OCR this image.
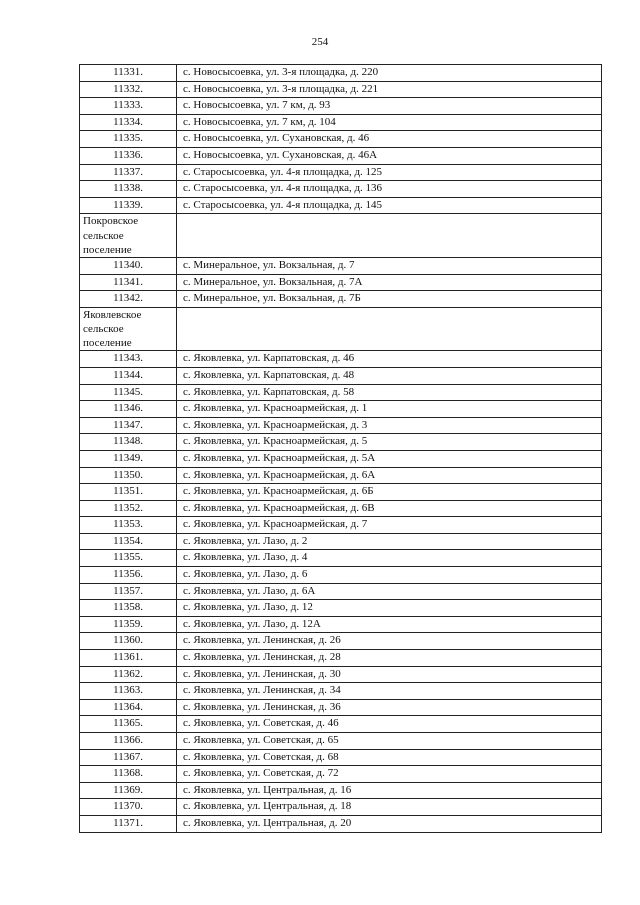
254
11331.	с. Новосысоевка, ул. 3-я площадка, д. 220
11332.	с. Новосысоевка, ул. 3-я площадка, д. 221
11333.	с. Новосысоевка, ул. 7 км, д. 93
11334.	с. Новосысоевка, ул. 7 км, д. 104
11335.	с. Новосысоевка, ул. Сухановская, д. 46
11336.	с. Новосысоевка, ул. Сухановская, д. 46А
11337.	с. Старосысоевка, ул. 4-я площадка, д. 125
11338.	с. Старосысоевка, ул. 4-я площадка, д. 136
11339.	с. Старосысоевка, ул. 4-я площадка, д. 145

Покровское
сельское
поселение	

11340.	с. Минеральное, ул. Вокзальная, д. 7
11341.	с. Минеральное, ул. Вокзальная, д. 7А
11342.	с. Минеральное, ул. Вокзальная, д. 7Б

Яковлевское
сельское
поселение	

11343.	с. Яковлевка, ул. Карпатовская, д. 46
11344.	с. Яковлевка, ул. Карпатовская, д. 48
11345.	с. Яковлевка, ул. Карпатовская, д. 58
11346.	с. Яковлевка, ул. Красноармейская, д. 1
11347.	с. Яковлевка, ул. Красноармейская, д. 3
11348.	с. Яковлевка, ул. Красноармейская, д. 5
11349.	с. Яковлевка, ул. Красноармейская, д. 5А
11350.	с. Яковлевка, ул. Красноармейская, д. 6А
11351.	с. Яковлевка, ул. Красноармейская, д. 6Б
11352.	с. Яковлевка, ул. Красноармейская, д. 6В
11353.	с. Яковлевка, ул. Красноармейская, д. 7
11354.	с. Яковлевка, ул. Лазо, д. 2
11355.	с. Яковлевка, ул. Лазо, д. 4
11356.	с. Яковлевка, ул. Лазо, д. 6
11357.	с. Яковлевка, ул. Лазо, д. 6А
11358.	с. Яковлевка, ул. Лазо, д. 12
11359.	с. Яковлевка, ул. Лазо, д. 12А
11360.	с. Яковлевка, ул. Ленинская, д. 26
11361.	с. Яковлевка, ул. Ленинская, д. 28
11362.	с. Яковлевка, ул. Ленинская, д. 30
11363.	с. Яковлевка, ул. Ленинская, д. 34
11364.	с. Яковлевка, ул. Ленинская, д. 36
11365.	с. Яковлевка, ул. Советская, д. 46
11366.	с. Яковлевка, ул. Советская, д. 65
11367.	с. Яковлевка, ул. Советская, д. 68
11368.	с. Яковлевка, ул. Советская, д. 72
11369.	с. Яковлевка, ул. Центральная, д. 16
11370.	с. Яковлевка, ул. Центральная, д. 18
11371.	с. Яковлевка, ул. Центральная, д. 20
